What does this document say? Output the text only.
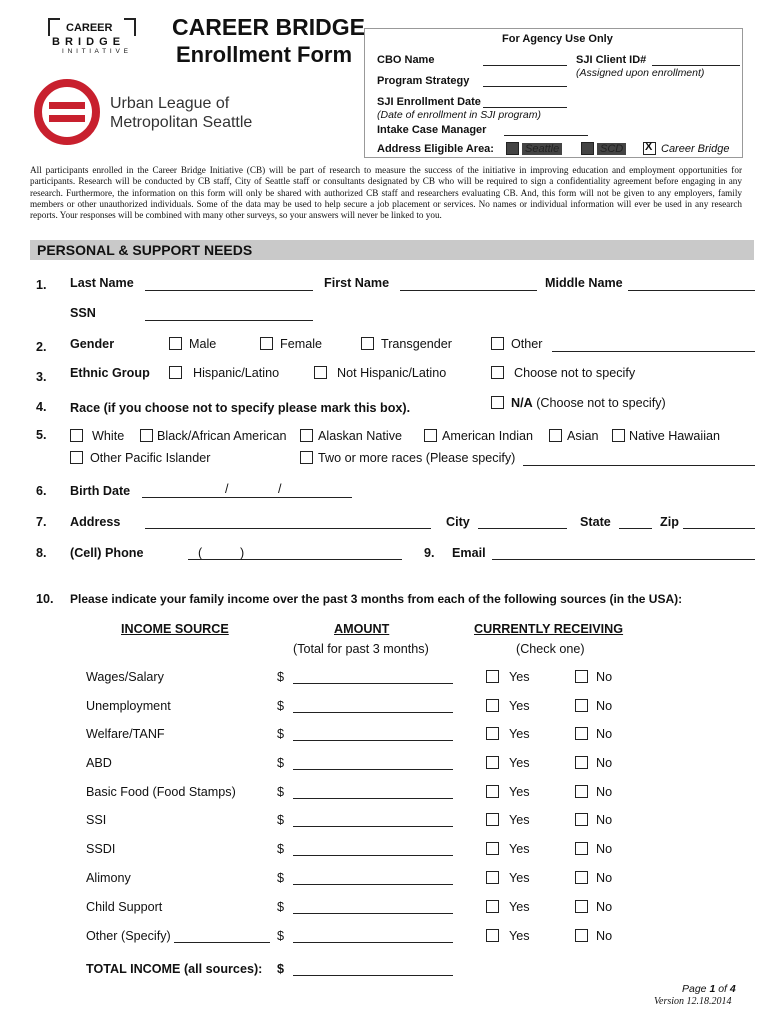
CAREER
B R I D G E
I N I T I A T I V E
CAREER BRIDGE
Enrollment Form
Urban League of
Metropolitan Seattle
For Agency Use Only
CBO Name	SJI Client ID#
(Assigned upon enrollment)
Program Strategy
SJI Enrollment Date
(Date of enrollment in SJI program)
Intake Case Manager
Address Eligible Area:	Seattle	SCD
X	Career Bridge
All participants enrolled in the Career Bridge Initiative (CB) will be part of research to measure the success of the initiative in improving education and employment opportunities for participants. Research will be conducted by CB staff, City of Seattle staff or consultants designated by CB who will be required to sign a confidentiality agreement before engaging in any research. Furthermore, the information on this form will only be shared with authorized CB staff and researchers evaluating CB. And, this form will not be given to any employers, family members or other unauthorized individuals. Some of the data may be used to help secure a job placement or services. No names or individual information will ever be used in any research reports. Your responses will be combined with many other surveys, so your answers will never be linked to you.
PERSONAL & SUPPORT NEEDS
1. Last Name	First Name	Middle Name
SSN
2. Gender	Male	Female	Transgender	Other
3. Ethnic Group	Hispanic/Latino	Not Hispanic/Latino	Choose not to specify
4. Race (if you choose not to specify please mark this box).	N/A (Choose not to specify)
5.	White	Black/African American	Alaskan Native	American Indian	Asian Native Hawaiian
Other Pacific Islander	Two or more races (Please specify)
6. Birth Date	/	/
7. Address	City	State	Zip
8. (Cell) Phone	(	)	9. Email
10. Please indicate your family income over the past 3 months from each of the following sources (in the USA):
INCOME SOURCE	AMOUNT
(Total for past 3 months)
CURRENTLY RECEIVING
(Check one)
Wages/Salary	$	Yes	No
Unemployment	$	Yes	No
Welfare/TANF	$	Yes	No
ABD	$	Yes	No
Basic Food (Food Stamps)	$	Yes	No
SSI	$	Yes	No
SSDI	$	Yes	No
Alimony	$	Yes	No
Child Support	$	Yes	No
Other (Specify)	$	Yes	No
TOTAL INCOME (all sources): $
Page 1 of 4
Version 12.18.2014
